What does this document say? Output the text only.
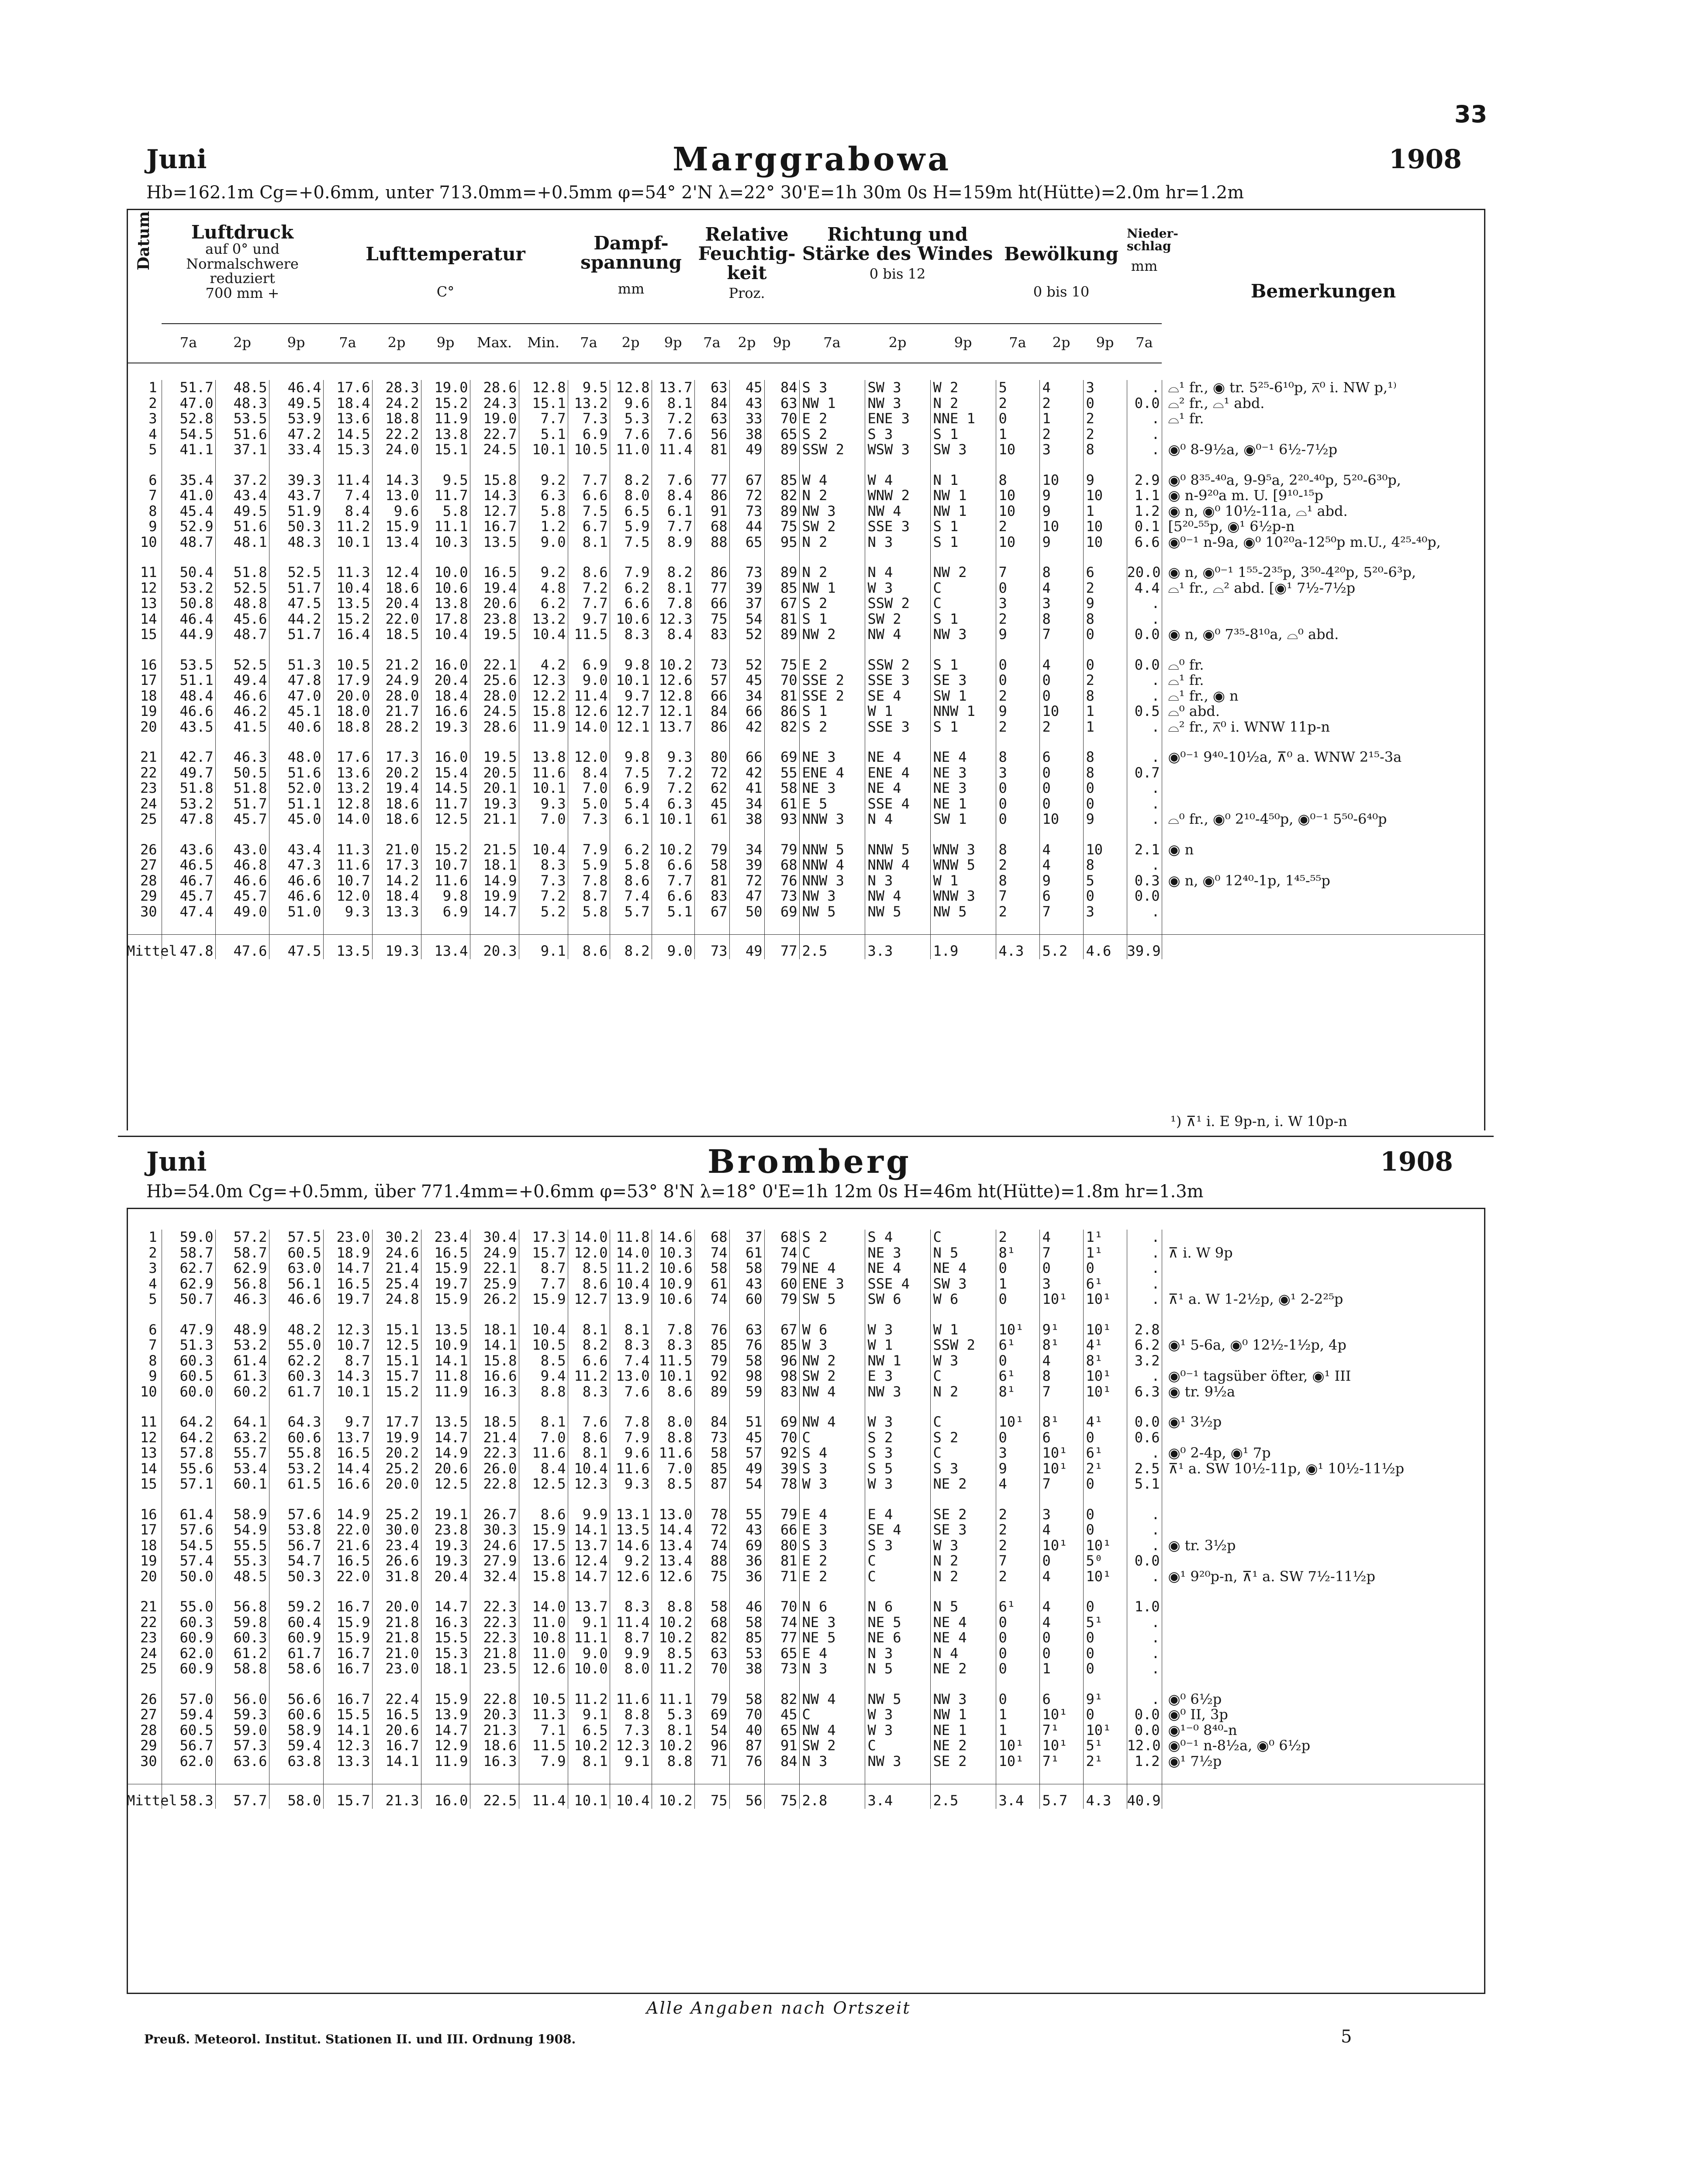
33
Juni	Marggrabowa	1908
Hb=162.1m Cg=+0.6mm, unter 713.0mm=+0.5mm φ=54° 2'N λ=22° 30'E=1h 30m 0s H=159m ht(Hütte)=2.0m hr=1.2m
Datum	Luftdruck
auf 0° und Normalschwere reduziert
700 mm +
Lufttemperatur
C°
Dampf-spannung
mm
Relative Feuchtig-keit
Proz.
Richtung und Stärke des Windes
0 bis 12
Bewölkung
0 bis 10
Nieder-schlag
mm
Bemerkungen
7a	2p	9p	7a	2p	9p	Max.	Min.	7a	2p	9p	7a	2p	9p	7a	2p	9p	7a	2p	9p	7a
1	51.7	48.5	46.4	17.6	28.3	19.0	28.6	12.8	9.5	12.8	13.7	63	45	84	S 3	SW 3	W 2	5	4	3	.	⌓¹ fr., ◉ tr. 5²⁵-6¹⁰p, ⊼⁰ i. NW p,¹⁾
2	47.0	48.3	49.5	18.4	24.2	15.2	24.3	15.1	13.2	9.6	8.1	84	43	63	NW 1	NW 3	N 2	2	2	0	0.0	⌓² fr., ⌓¹ abd.
3	52.8	53.5	53.9	13.6	18.8	11.9	19.0	7.7	7.3	5.3	7.2	63	33	70	E 2	ENE 3	NNE 1	0	1	2	.	⌓¹ fr.
4	54.5	51.6	47.2	14.5	22.2	13.8	22.7	5.1	6.9	7.6	7.6	56	38	65	S 2	S 3	S 1	1	2	2	.	
5	41.1	37.1	33.4	15.3	24.0	15.1	24.5	10.1	10.5	11.0	11.4	81	49	89	SSW 2	WSW 3	SW 3	10	3	8	.	◉⁰ 8-9½a, ◉⁰⁻¹ 6½-7½p
6	35.4	37.2	39.3	11.4	14.3	9.5	15.8	9.2	7.7	8.2	7.6	77	67	85	W 4	W 4	N 1	8	10	9	2.9	◉⁰ 8³⁵-⁴⁰a, 9-9⁵a, 2²⁰-⁴⁰p, 5²⁰-6³⁰p,
7	41.0	43.4	43.7	7.4	13.0	11.7	14.3	6.3	6.6	8.0	8.4	86	72	82	N 2	WNW 2	NW 1	10	9	10	1.1	◉ n-9²⁰a m. U. [9¹⁰-¹⁵p
8	45.4	49.5	51.9	8.4	9.6	5.8	12.7	5.8	7.5	6.5	6.1	91	73	89	NW 3	NW 4	NW 1	10	9	1	1.2	◉ n, ◉⁰ 10½-11a, ⌓¹ abd.
9	52.9	51.6	50.3	11.2	15.9	11.1	16.7	1.2	6.7	5.9	7.7	68	44	75	SW 2	SSE 3	S 1	2	10	10	0.1	[5²⁰-⁵⁵p, ◉¹ 6½p-n
10	48.7	48.1	48.3	10.1	13.4	10.3	13.5	9.0	8.1	7.5	8.9	88	65	95	N 2	N 3	S 1	10	9	10	6.6	◉⁰⁻¹ n-9a, ◉⁰ 10²⁰a-12⁵⁰p m.U., 4²⁵-⁴⁰p,
11	50.4	51.8	52.5	11.3	12.4	10.0	16.5	9.2	8.6	7.9	8.2	86	73	89	N 2	N 4	NW 2	7	8	6	20.0	◉ n, ◉⁰⁻¹ 1⁵⁵-2³⁵p, 3⁵⁰-4²⁰p, 5²⁰-6³p,
12	53.2	52.5	51.7	10.4	18.6	10.6	19.4	4.8	7.2	6.2	8.1	77	39	85	NW 1	W 3	C	0	4	2	4.4	⌓¹ fr., ⌓² abd. [◉¹ 7½-7½p
13	50.8	48.8	47.5	13.5	20.4	13.8	20.6	6.2	7.7	6.6	7.8	66	37	67	S 2	SSW 2	C	3	3	9	.	
14	46.4	45.6	44.2	15.2	22.0	17.8	23.8	13.2	9.7	10.6	12.3	75	54	81	S 1	SW 2	S 1	2	8	8	.	
15	44.9	48.7	51.7	16.4	18.5	10.4	19.5	10.4	11.5	8.3	8.4	83	52	89	NW 2	NW 4	NW 3	9	7	0	0.0	◉ n, ◉⁰ 7³⁵-8¹⁰a, ⌓⁰ abd.
16	53.5	52.5	51.3	10.5	21.2	16.0	22.1	4.2	6.9	9.8	10.2	73	52	75	E 2	SSW 2	S 1	0	4	0	0.0	⌓⁰ fr.
17	51.1	49.4	47.8	17.9	24.9	20.4	25.6	12.3	9.0	10.1	12.6	57	45	70	SSE 2	SSE 3	SE 3	0	0	2	.	⌓¹ fr.
18	48.4	46.6	47.0	20.0	28.0	18.4	28.0	12.2	11.4	9.7	12.8	66	34	81	SSE 2	SE 4	SW 1	2	0	8	.	⌓¹ fr., ◉ n
19	46.6	46.2	45.1	18.0	21.7	16.6	24.5	15.8	12.6	12.7	12.1	84	66	86	S 1	W 1	NNW 1	9	10	1	0.5	⌓⁰ abd.
20	43.5	41.5	40.6	18.8	28.2	19.3	28.6	11.9	14.0	12.1	13.7	86	42	82	S 2	SSE 3	S 1	2	2	1	.	⌓² fr., ⊼⁰ i. WNW 11p-n
21	42.7	46.3	48.0	17.6	17.3	16.0	19.5	13.8	12.0	9.8	9.3	80	66	69	NE 3	NE 4	NE 4	8	6	8	.	◉⁰⁻¹ 9⁴⁰-10½a, ⊼⁰ a. WNW 2¹⁵-3a
22	49.7	50.5	51.6	13.6	20.2	15.4	20.5	11.6	8.4	7.5	7.2	72	42	55	ENE 4	ENE 4	NE 3	3	0	8	0.7	
23	51.8	51.8	52.0	13.2	19.4	14.5	20.1	10.1	7.0	6.9	7.2	62	41	58	NE 3	NE 4	NE 3	0	0	0	.	
24	53.2	51.7	51.1	12.8	18.6	11.7	19.3	9.3	5.0	5.4	6.3	45	34	61	E 5	SSE 4	NE 1	0	0	0	.	
25	47.8	45.7	45.0	14.0	18.6	12.5	21.1	7.0	7.3	6.1	10.1	61	38	93	NNW 3	N 4	SW 1	0	10	9	.	⌓⁰ fr., ◉⁰ 2¹⁰-4⁵⁰p, ◉⁰⁻¹ 5⁵⁰-6⁴⁰p
26	43.6	43.0	43.4	11.3	21.0	15.2	21.5	10.4	7.9	6.2	10.2	79	34	79	NNW 5	NNW 5	WNW 3	8	4	10	2.1	◉ n
27	46.5	46.8	47.3	11.6	17.3	10.7	18.1	8.3	5.9	5.8	6.6	58	39	68	NNW 4	NNW 4	WNW 5	2	4	8	.	
28	46.7	46.6	46.6	10.7	14.2	11.6	14.9	7.3	7.8	8.6	7.7	81	72	76	NNW 3	N 3	W 1	8	9	5	0.3	◉ n, ◉⁰ 12⁴⁰-1p, 1⁴⁵-⁵⁵p
29	45.7	45.7	46.6	12.0	18.4	9.8	19.9	7.2	8.7	7.4	6.6	83	47	73	NW 3	NW 4	WNW 3	7	6	0	0.0	
30	47.4	49.0	51.0	9.3	13.3	6.9	14.7	5.2	5.8	5.7	5.1	67	50	69	NW 5	NW 5	NW 5	2	7	3	.	
Mittel	47.8	47.6	47.5	13.5	19.3	13.4	20.3	9.1	8.6	8.2	9.0	73	49	77	2.5	3.3	1.9	4.3	5.2	4.6	39.9	
¹) ⊼¹ i. E 9p-n, i. W 10p-n
Juni	Bromberg	1908
Hb=54.0m Cg=+0.5mm, über 771.4mm=+0.6mm φ=53° 8'N λ=18° 0'E=1h 12m 0s H=46m ht(Hütte)=1.8m hr=1.3m
1	59.0	57.2	57.5	23.0	30.2	23.4	30.4	17.3	14.0	11.8	14.6	68	37	68	S 2	S 4	C	2	4	1¹	.	
2	58.7	58.7	60.5	18.9	24.6	16.5	24.9	15.7	12.0	14.0	10.3	74	61	74	C	NE 3	N 5	8¹	7	1¹	.	⊼ i. W 9p
3	62.7	62.9	63.0	14.7	21.4	15.9	22.1	8.7	8.5	11.2	10.6	58	58	79	NE 4	NE 4	NE 4	0	0	0	.	
4	62.9	56.8	56.1	16.5	25.4	19.7	25.9	7.7	8.6	10.4	10.9	61	43	60	ENE 3	SSE 4	SW 3	1	3	6¹	.	
5	50.7	46.3	46.6	19.7	24.8	15.9	26.2	15.9	12.7	13.9	10.6	74	60	79	SW 5	SW 6	W 6	0	10¹	10¹	.	⊼¹ a. W 1-2½p, ◉¹ 2-2²⁵p
6	47.9	48.9	48.2	12.3	15.1	13.5	18.1	10.4	8.1	8.1	7.8	76	63	67	W 6	W 3	W 1	10¹	9¹	10¹	2.8	
7	51.3	53.2	55.0	10.7	12.5	10.9	14.1	10.5	8.2	8.3	8.3	85	76	85	W 3	W 1	SSW 2	6¹	8¹	4¹	6.2	◉¹ 5-6a, ◉⁰ 12½-1½p, 4p
8	60.3	61.4	62.2	8.7	15.1	14.1	15.8	8.5	6.6	7.4	11.5	79	58	96	NW 2	NW 1	W 3	0	4	8¹	3.2	
9	60.5	61.3	60.3	14.3	15.7	11.8	16.6	9.4	11.2	13.0	10.1	92	98	98	SW 2	E 3	C	6¹	8	10¹	.	◉⁰⁻¹ tagsüber öfter, ◉¹ III
10	60.0	60.2	61.7	10.1	15.2	11.9	16.3	8.8	8.3	7.6	8.6	89	59	83	NW 4	NW 3	N 2	8¹	7	10¹	6.3	◉ tr. 9½a
11	64.2	64.1	64.3	9.7	17.7	13.5	18.5	8.1	7.6	7.8	8.0	84	51	69	NW 4	W 3	C	10¹	8¹	4¹	0.0	◉¹ 3½p
12	64.2	63.2	60.6	13.7	19.9	14.7	21.4	7.0	8.6	7.9	8.8	73	45	70	C	S 2	S 2	0	6	0	0.6	
13	57.8	55.7	55.8	16.5	20.2	14.9	22.3	11.6	8.1	9.6	11.6	58	57	92	S 4	S 3	C	3	10¹	6¹	.	◉⁰ 2-4p, ◉¹ 7p
14	55.6	53.4	53.2	14.4	25.2	20.6	26.0	8.4	10.4	11.6	7.0	85	49	39	S 3	S 5	S 3	9	10¹	2¹	2.5	⊼¹ a. SW 10½-11p, ◉¹ 10½-11½p
15	57.1	60.1	61.5	16.6	20.0	12.5	22.8	12.5	12.3	9.3	8.5	87	54	78	W 3	W 3	NE 2	4	7	0	5.1	
16	61.4	58.9	57.6	14.9	25.2	19.1	26.7	8.6	9.9	13.1	13.0	78	55	79	E 4	E 4	SE 2	2	3	0	.	
17	57.6	54.9	53.8	22.0	30.0	23.8	30.3	15.9	14.1	13.5	14.4	72	43	66	E 3	SE 4	SE 3	2	4	0	.	
18	54.5	55.5	56.7	21.6	23.4	19.3	24.6	17.5	13.7	14.6	13.4	74	69	80	S 3	S 3	W 3	2	10¹	10¹	.	◉ tr. 3½p
19	57.4	55.3	54.7	16.5	26.6	19.3	27.9	13.6	12.4	9.2	13.4	88	36	81	E 2	C	N 2	7	0	5⁰	0.0	
20	50.0	48.5	50.3	22.0	31.8	20.4	32.4	15.8	14.7	12.6	12.6	75	36	71	E 2	C	N 2	2	4	10¹	.	◉¹ 9²⁰p-n, ⊼¹ a. SW 7½-11½p
21	55.0	56.8	59.2	16.7	20.0	14.7	22.3	14.0	13.7	8.3	8.8	58	46	70	N 6	N 6	N 5	6¹	4	0	1.0	
22	60.3	59.8	60.4	15.9	21.8	16.3	22.3	11.0	9.1	11.4	10.2	68	58	74	NE 3	NE 5	NE 4	0	4	5¹	.	
23	60.9	60.3	60.9	15.9	21.8	15.5	22.3	10.8	11.1	8.7	10.2	82	85	77	NE 5	NE 6	NE 4	0	0	0	.	
24	62.0	61.2	61.7	16.7	21.0	15.3	21.8	11.0	9.0	9.9	8.5	63	53	65	E 4	N 3	N 4	0	0	0	.	
25	60.9	58.8	58.6	16.7	23.0	18.1	23.5	12.6	10.0	8.0	11.2	70	38	73	N 3	N 5	NE 2	0	1	0	.	
26	57.0	56.0	56.6	16.7	22.4	15.9	22.8	10.5	11.2	11.6	11.1	79	58	82	NW 4	NW 5	NW 3	0	6	9¹	.	◉⁰ 6½p
27	59.4	59.3	60.6	15.5	16.5	13.9	20.3	11.3	9.1	8.8	5.3	69	70	45	C	W 3	NW 1	1	10¹	0	0.0	◉⁰ II, 3p
28	60.5	59.0	58.9	14.1	20.6	14.7	21.3	7.1	6.5	7.3	8.1	54	40	65	NW 4	W 3	NE 1	1	7¹	10¹	0.0	◉¹⁻⁰ 8⁴⁰-n
29	56.7	57.3	59.4	12.3	16.7	12.9	18.6	11.5	10.2	12.3	10.2	96	87	91	SW 2	C	NE 2	10¹	10¹	5¹	12.0	◉⁰⁻¹ n-8½a, ◉⁰ 6½p
30	62.0	63.6	63.8	13.3	14.1	11.9	16.3	7.9	8.1	9.1	8.8	71	76	84	N 3	NW 3	SE 2	10¹	7¹	2¹	1.2	◉¹ 7½p
Mittel	58.3	57.7	58.0	15.7	21.3	16.0	22.5	11.4	10.1	10.4	10.2	75	56	75	2.8	3.4	2.5	3.4	5.7	4.3	40.9	
Alle Angaben nach Ortszeit
Preuß. Meteorol. Institut. Stationen II. und III. Ordnung 1908.	5
